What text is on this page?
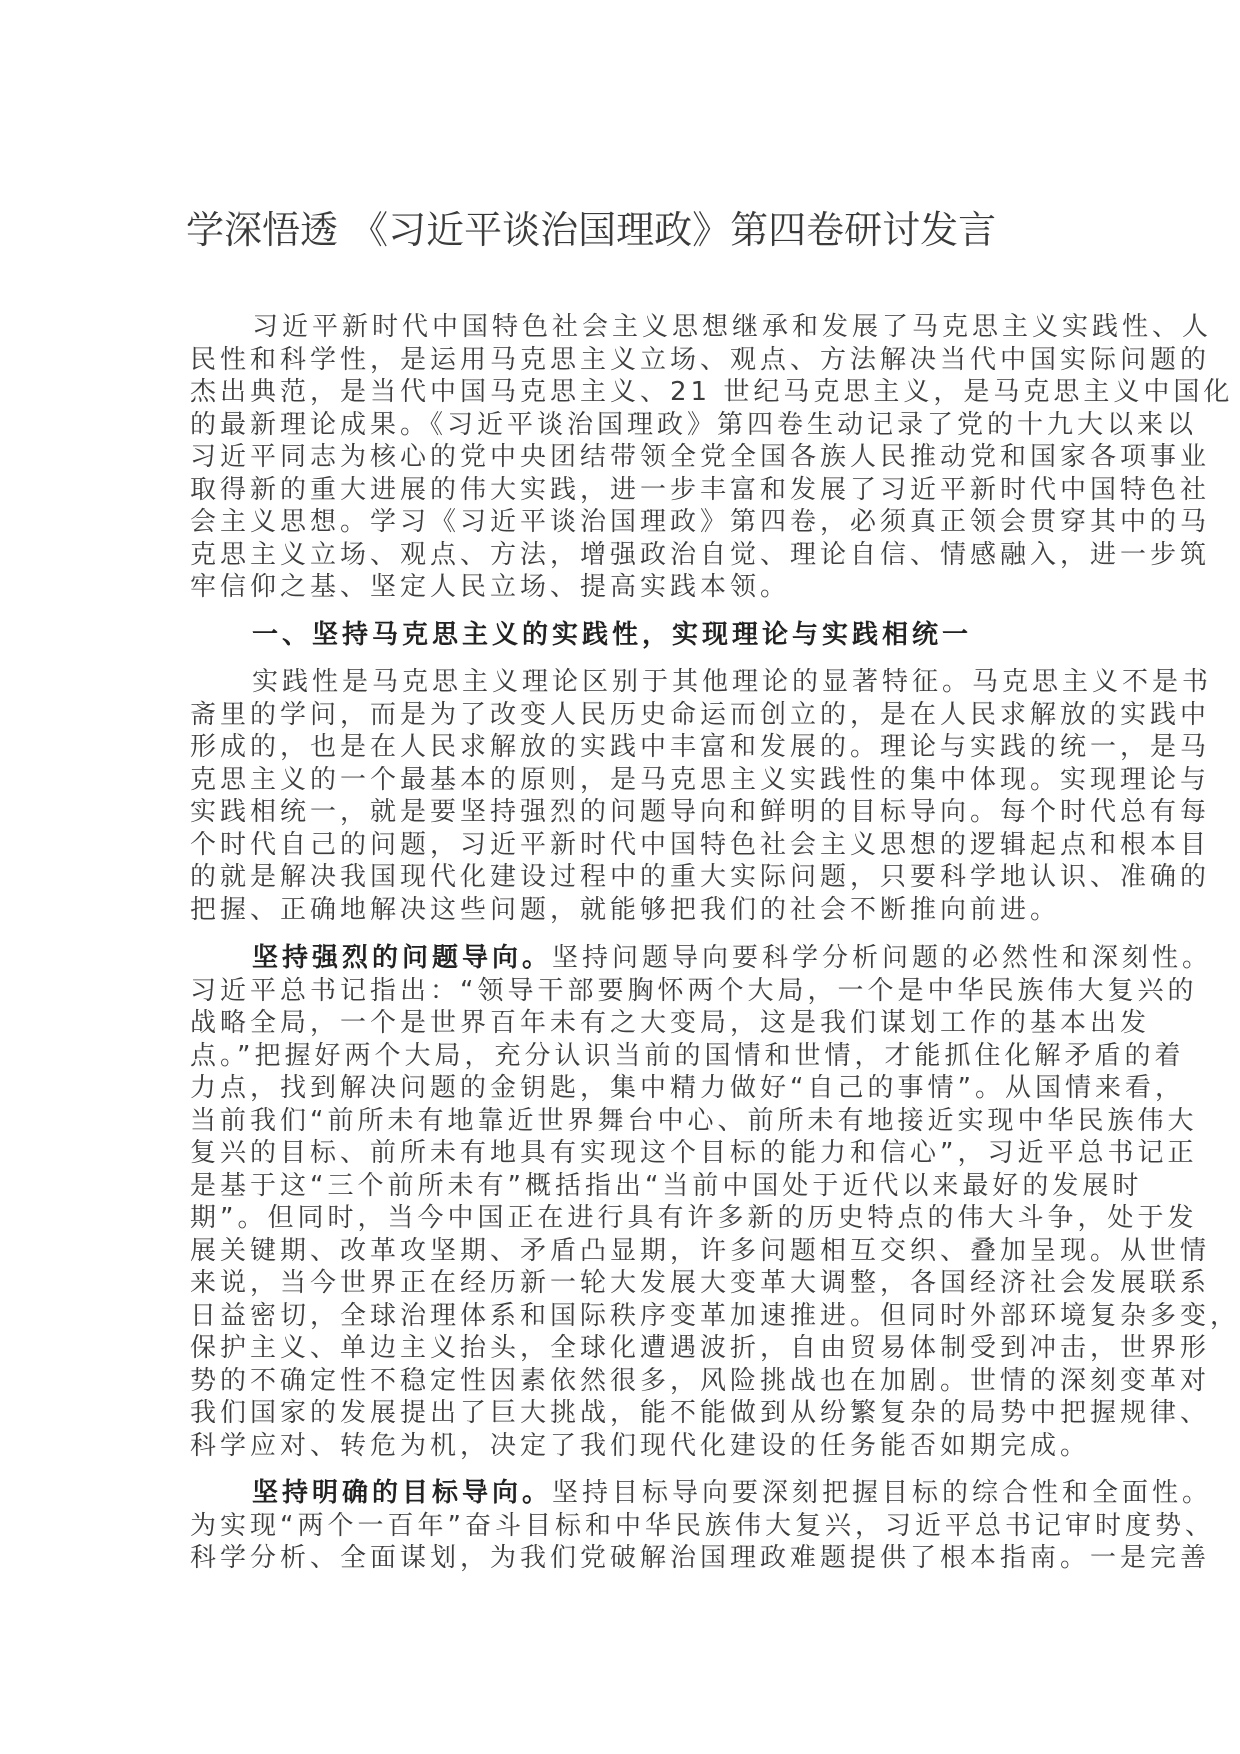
学深悟透 《习近平谈治国理政》第四卷研讨发言
习近平新时代中国特色社会主义思想继承和发展了马克思主义实践性、人
民性和科学性，是运用马克思主义立场、观点、方法解决当代中国实际问题的
杰出典范，是当代中国马克思主义、21 世纪马克思主义，是马克思主义中国化
的最新理论成果。《习近平谈治国理政》第四卷生动记录了党的十九大以来以
习近平同志为核心的党中央团结带领全党全国各族人民推动党和国家各项事业
取得新的重大进展的伟大实践，进一步丰富和发展了习近平新时代中国特色社
会主义思想。学习《习近平谈治国理政》第四卷，必须真正领会贯穿其中的马
克思主义立场、观点、方法，增强政治自觉、理论自信、情感融入，进一步筑
牢信仰之基、坚定人民立场、提高实践本领。
一、坚持马克思主义的实践性，实现理论与实践相统一
实践性是马克思主义理论区别于其他理论的显著特征。马克思主义不是书
斋里的学问，而是为了改变人民历史命运而创立的，是在人民求解放的实践中
形成的，也是在人民求解放的实践中丰富和发展的。理论与实践的统一，是马
克思主义的一个最基本的原则，是马克思主义实践性的集中体现。实现理论与
实践相统一，就是要坚持强烈的问题导向和鲜明的目标导向。每个时代总有每
个时代自己的问题，习近平新时代中国特色社会主义思想的逻辑起点和根本目
的就是解决我国现代化建设过程中的重大实际问题，只要科学地认识、准确的
把握、正确地解决这些问题，就能够把我们的社会不断推向前进。
坚持强烈的问题导向。坚持问题导向要科学分析问题的必然性和深刻性。
习近平总书记指出：“领导干部要胸怀两个大局，一个是中华民族伟大复兴的
战略全局，一个是世界百年未有之大变局，这是我们谋划工作的基本出发
点。”把握好两个大局，充分认识当前的国情和世情，才能抓住化解矛盾的着
力点，找到解决问题的金钥匙，集中精力做好“自己的事情”。从国情来看，
当前我们“前所未有地靠近世界舞台中心、前所未有地接近实现中华民族伟大
复兴的目标、前所未有地具有实现这个目标的能力和信心”，习近平总书记正
是基于这“三个前所未有”概括指出“当前中国处于近代以来最好的发展时
期”。但同时，当今中国正在进行具有许多新的历史特点的伟大斗争，处于发
展关键期、改革攻坚期、矛盾凸显期，许多问题相互交织、叠加呈现。从世情
来说，当今世界正在经历新一轮大发展大变革大调整，各国经济社会发展联系
日益密切，全球治理体系和国际秩序变革加速推进。但同时外部环境复杂多变，
保护主义、单边主义抬头，全球化遭遇波折，自由贸易体制受到冲击，世界形
势的不确定性不稳定性因素依然很多，风险挑战也在加剧。世情的深刻变革对
我们国家的发展提出了巨大挑战，能不能做到从纷繁复杂的局势中把握规律、
科学应对、转危为机，决定了我们现代化建设的任务能否如期完成。
坚持明确的目标导向。坚持目标导向要深刻把握目标的综合性和全面性。
为实现“两个一百年”奋斗目标和中华民族伟大复兴，习近平总书记审时度势、
科学分析、全面谋划，为我们党破解治国理政难题提供了根本指南。一是完善
